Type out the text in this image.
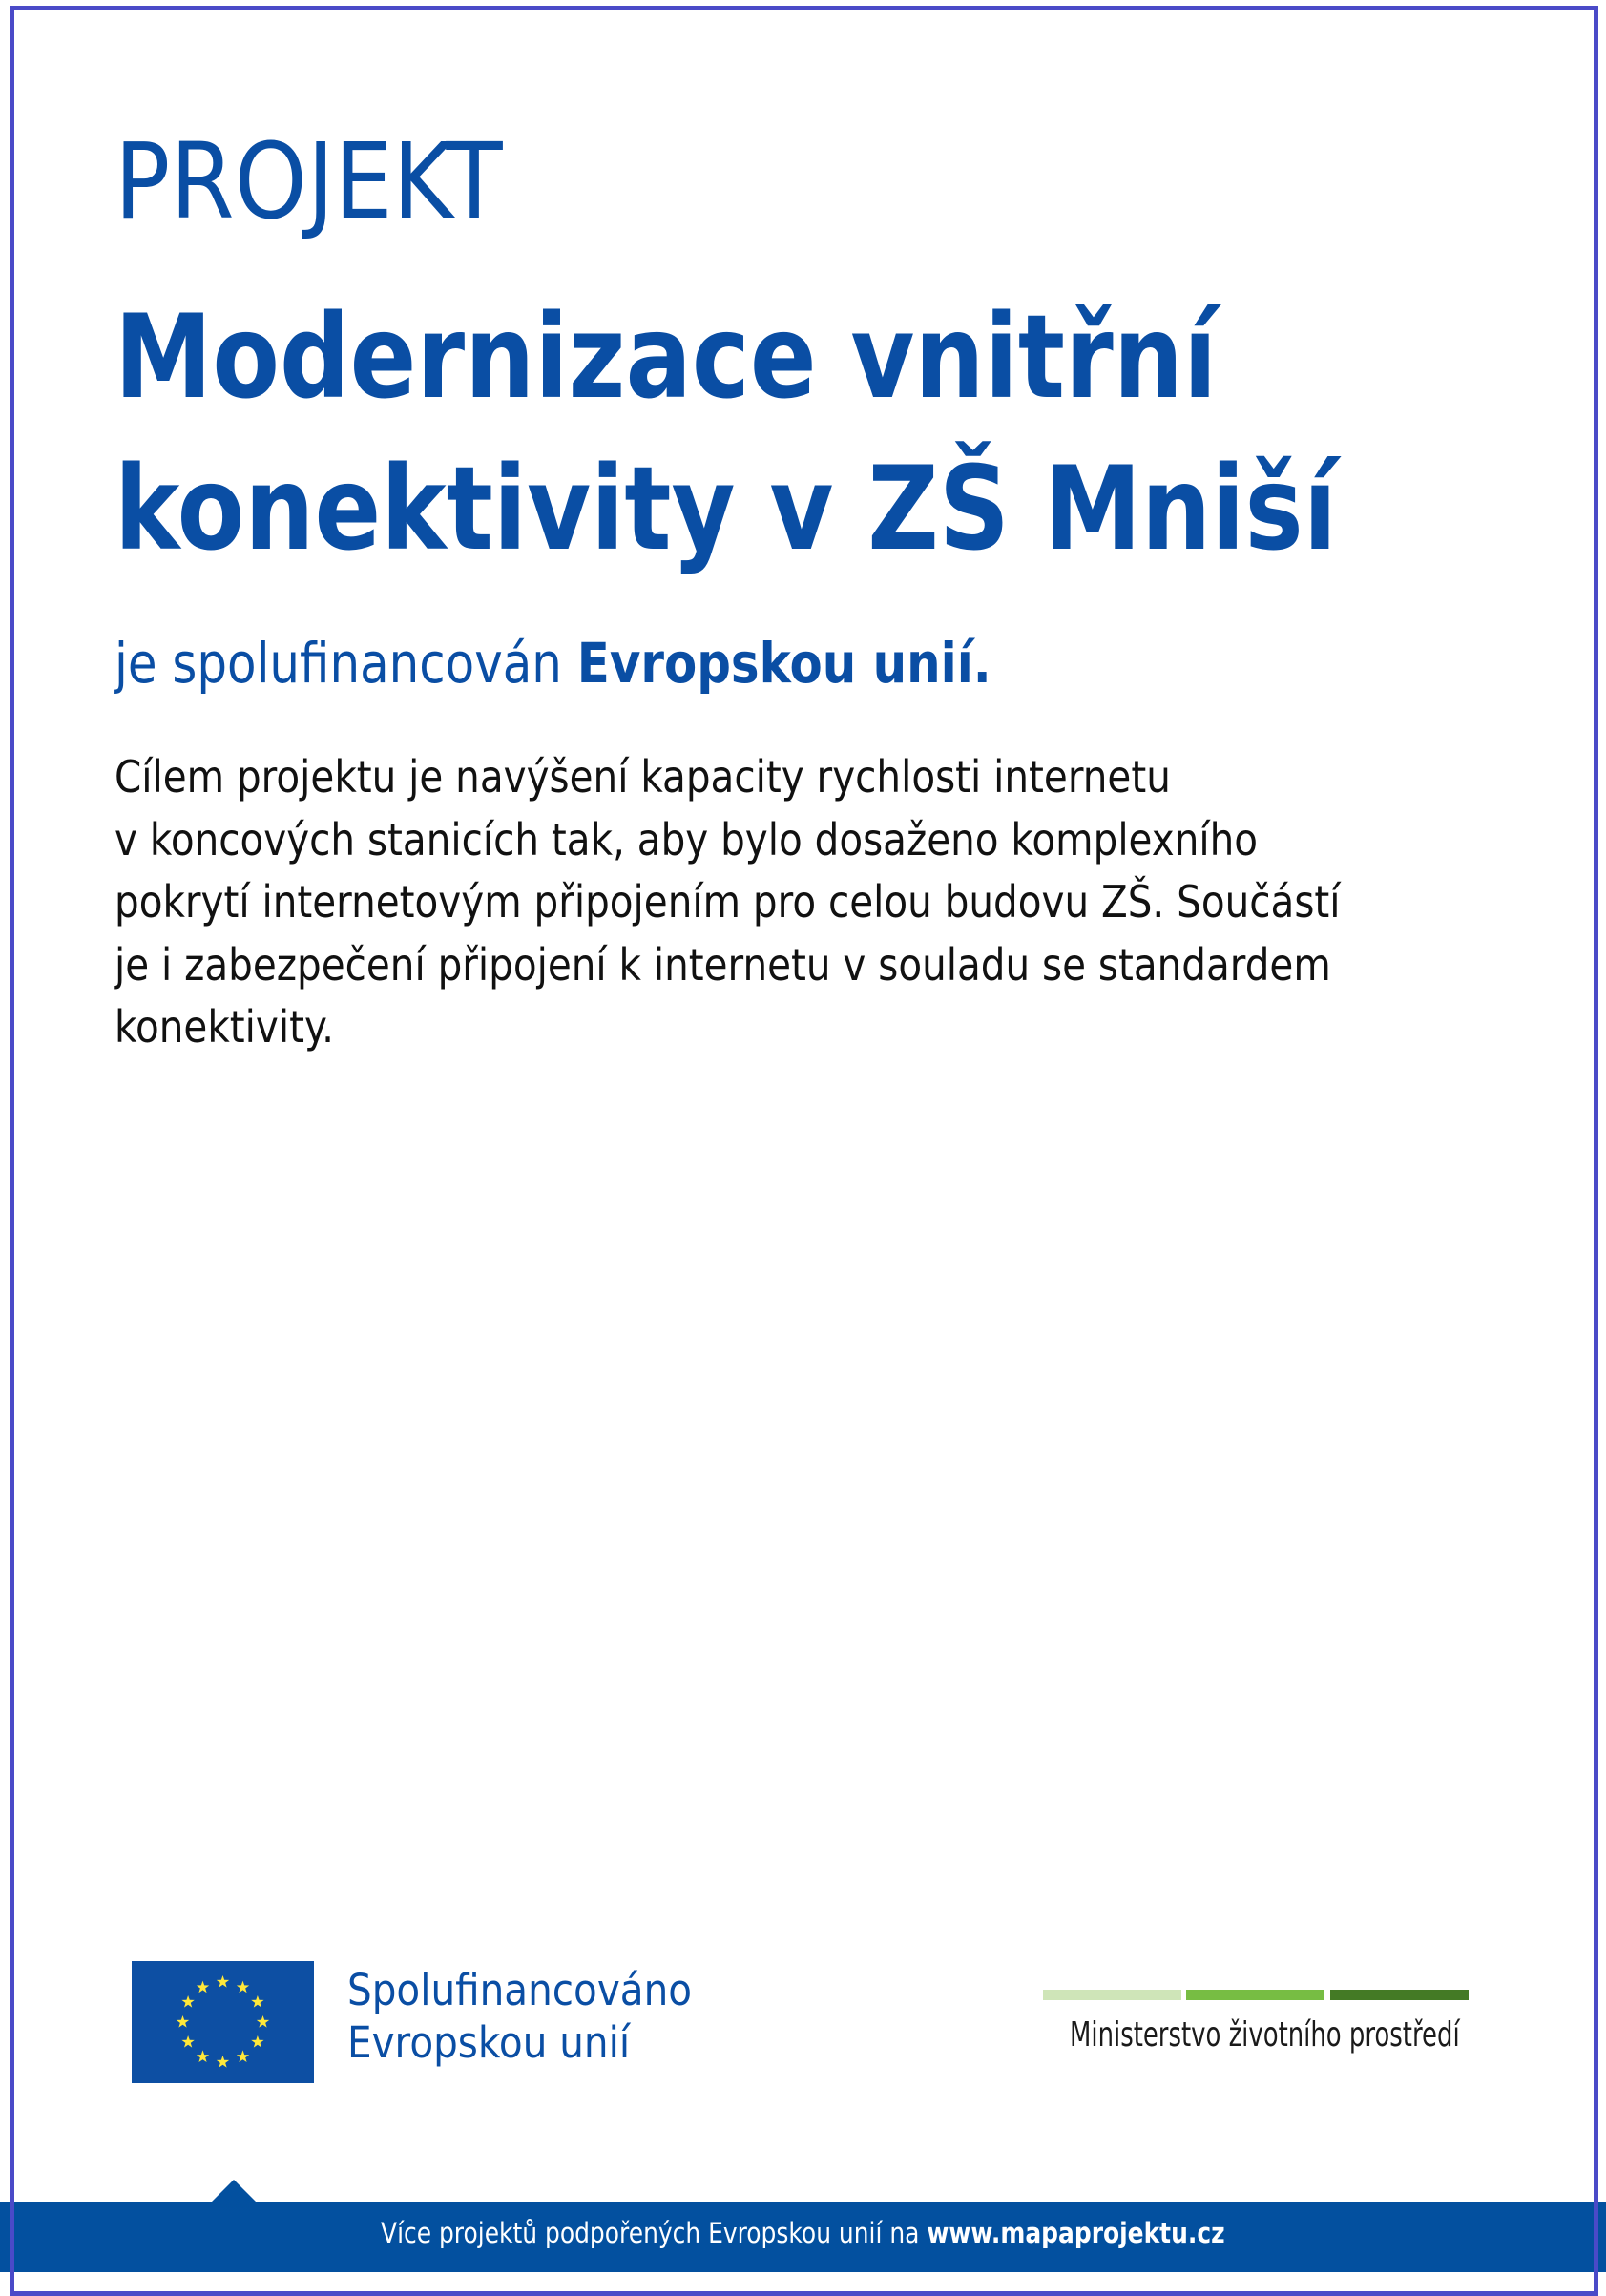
PROJEKT
Modernizace vnitřní
konektivity v ZŠ Mniší
je spolufinancován Evropskou unií.
Cílem projektu je navýšení kapacity rychlosti internetu
v koncových stanicích tak, aby bylo dosaženo komplexního
pokrytí internetovým připojením pro celou budovu ZŠ. Součástí
je i zabezpečení připojení k internetu v souladu se standardem
konektivity.
Spolufinancováno
Evropskou unií	Ministerstvo životního prostředí
Více projektů podpořených Evropskou unií na www.mapaprojektu.cz
